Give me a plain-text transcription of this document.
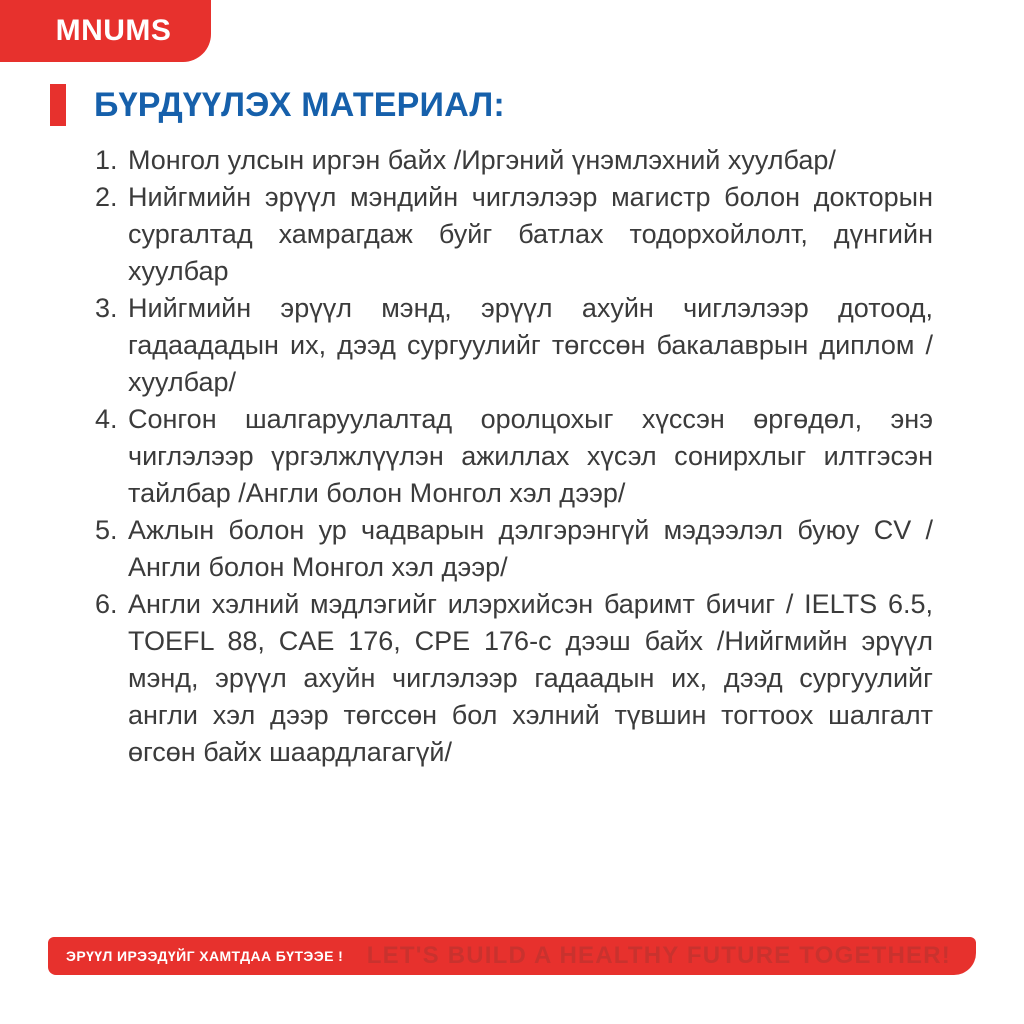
MNUMS
БҮРДҮҮЛЭХ МАТЕРИАЛ:
1. Монгол улсын иргэн байх /Иргэний үнэмлэхний хуулбар/
2. Нийгмийн эрүүл мэндийн чиглэлээр магистр болон докторын сургалтад хамрагдаж буйг батлах тодорхойлолт, дүнгийн хуулбар
3. Нийгмийн эрүүл мэнд, эрүүл ахуйн чиглэлээр дотоод, гадаададын их, дээд сургуулийг төгссөн бакалаврын диплом /хуулбар/
4. Сонгон шалгаруулалтад оролцохыг хүссэн өргөдөл, энэ чиглэлээр үргэлжлүүлэн ажиллах хүсэл сонирхлыг илтгэсэн тайлбар /Англи болон Монгол хэл дээр/
5. Ажлын болон ур чадварын дэлгэрэнгүй мэдээлэл буюу CV /Англи болон Монгол хэл дээр/
6. Англи хэлний мэдлэгийг илэрхийсэн баримт бичиг / IELTS 6.5, TOEFL 88, CAE 176, CPE 176-с дээш байх /Нийгмийн эрүүл мэнд, эрүүл ахуйн чиглэлээр гадаадын их, дээд сургуулийг англи хэл дээр төгссөн бол хэлний түвшин тогтоох шалгалт өгсөн байх шаардлагагүй/
ЭРҮҮЛ ИРЭЭДҮЙГ ХАМТДАА БҮТЭЭЕ ! LET'S BUILD A HEALTHY FUTURE TOGETHER!
